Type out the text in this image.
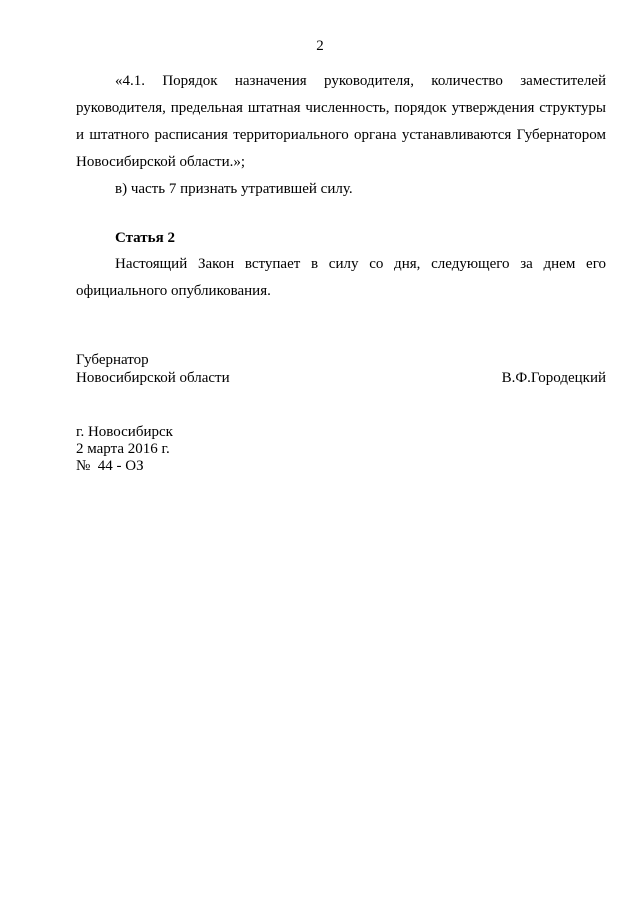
2

«4.1. Порядок назначения руководителя, количество заместителей руководителя, предельная штатная численность, порядок утверждения структуры и штатного расписания территориального органа устанавливаются Губернатором Новосибирской области.»;

в) часть 7 признать утратившей силу.

Статья 2

Настоящий Закон вступает в силу со дня, следующего за днем его официального опубликования.

Губернатор
Новосибирской области	В.Ф.Городецкий
г. Новосибирск
2 марта 2016 г.
№  44 - ОЗ
